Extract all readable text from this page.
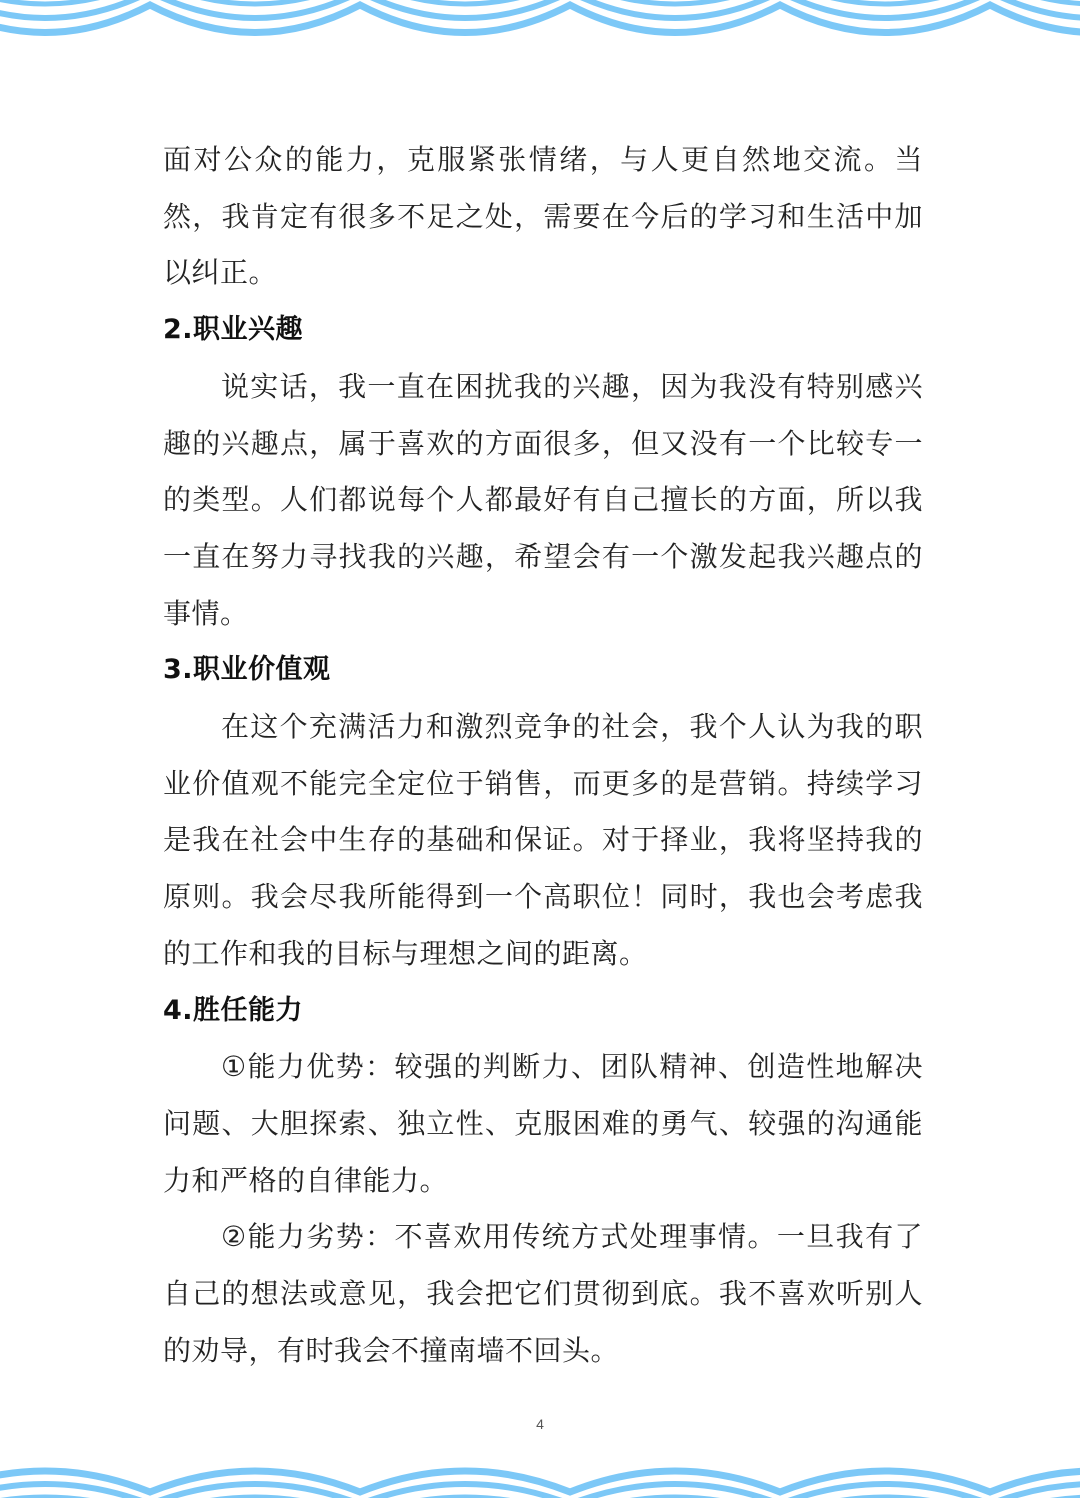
面对公众的能力，克服紧张情绪，与人更自然地交流。当然，我肯定有很多不足之处，需要在今后的学习和生活中加以纠正。

2.职业兴趣

说实话，我一直在困扰我的兴趣，因为我没有特别感兴趣的兴趣点，属于喜欢的方面很多，但又没有一个比较专一的类型。人们都说每个人都最好有自己擅长的方面，所以我一直在努力寻找我的兴趣，希望会有一个激发起我兴趣点的事情。

3.职业价值观

在这个充满活力和激烈竞争的社会，我个人认为我的职业价值观不能完全定位于销售，而更多的是营销。持续学习是我在社会中生存的基础和保证。对于择业，我将坚持我的原则。我会尽我所能得到一个高职位！同时，我也会考虑我的工作和我的目标与理想之间的距离。

4.胜任能力

①能力优势：较强的判断力、团队精神、创造性地解决问题、大胆探索、独立性、克服困难的勇气、较强的沟通能力和严格的自律能力。

②能力劣势：不喜欢用传统方式处理事情。一旦我有了自己的想法或意见，我会把它们贯彻到底。我不喜欢听别人的劝导，有时我会不撞南墙不回头。

4
